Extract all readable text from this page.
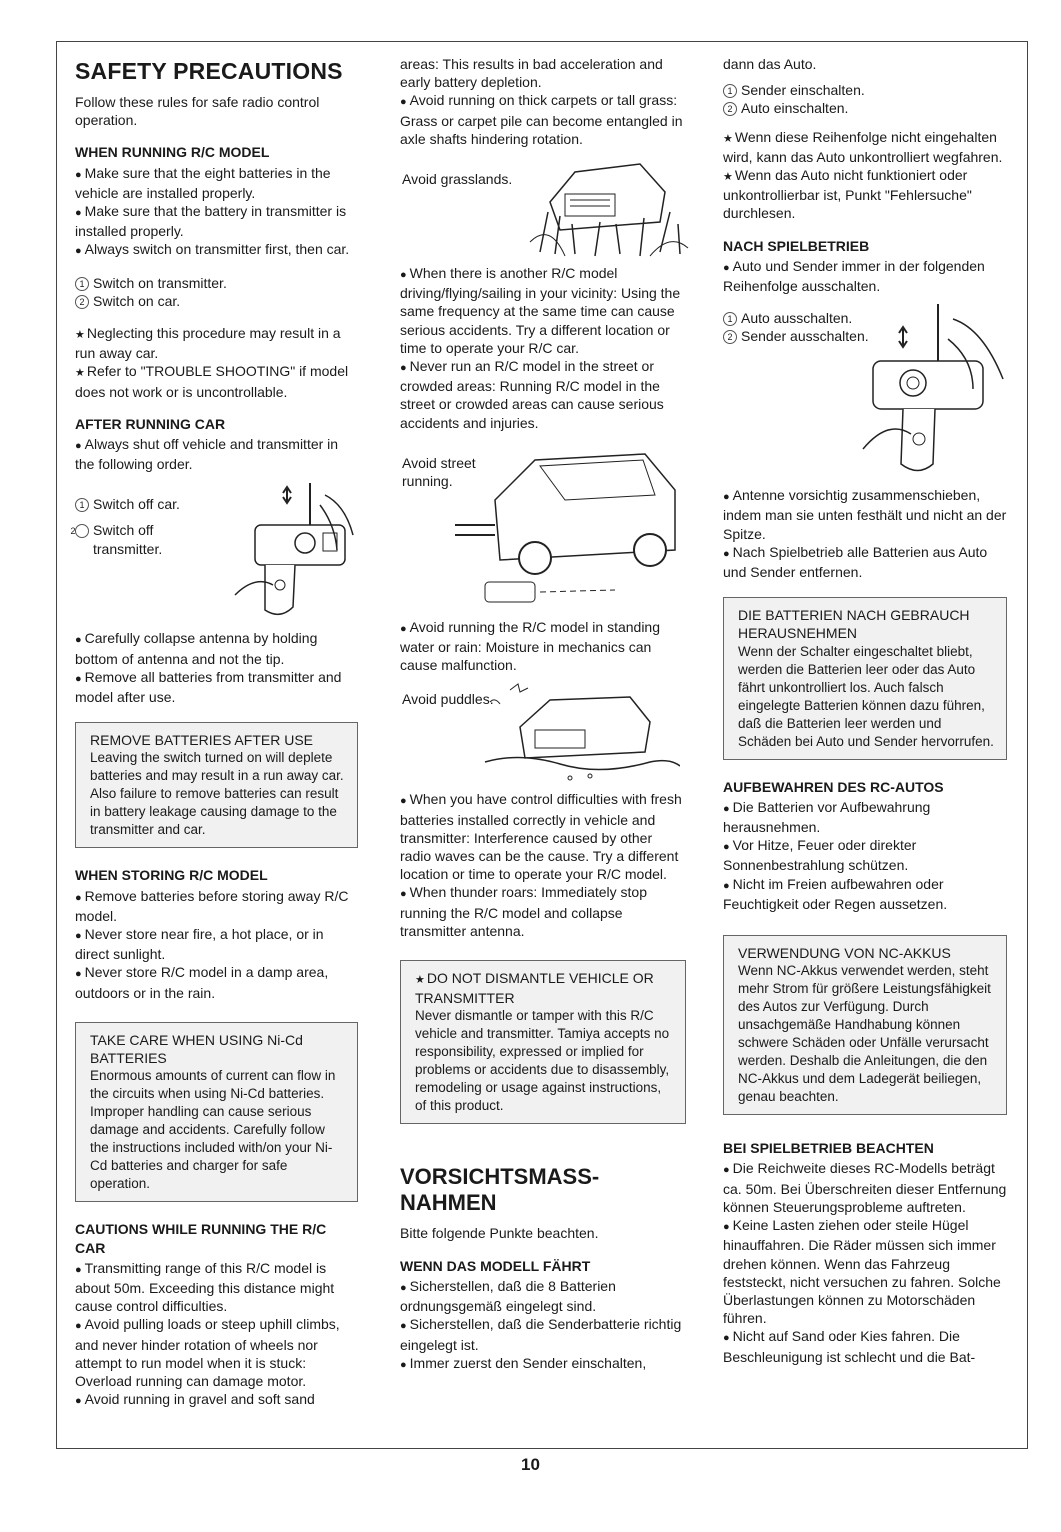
SAFETY PRECAUTIONS

Follow these rules for safe radio control operation.

WHEN RUNNING R/C MODEL

● Make sure that the eight batteries in the vehicle are installed properly.

● Make sure that the battery in transmitter is installed properly.

● Always switch on transmitter first, then car.

1 Switch on transmitter.

2 Switch on car.

★ Neglecting this procedure may result in a run away car.

★ Refer to "TROUBLE SHOOTING" if model does not work or is uncontrollable.

AFTER RUNNING CAR

● Always shut off vehicle and transmitter in the following order.

1 Switch off car.

2 Switch off transmitter.

● Carefully collapse antenna by holding bottom of antenna and not the tip.

● Remove all batteries from transmitter and model after use.

REMOVE BATTERIES AFTER USE
Leaving the switch turned on will deplete batteries and may result in a run away car. Also failure to remove batteries can result in battery leakage causing damage to the transmitter and car.
WHEN STORING R/C MODEL

● Remove batteries before storing away R/C model.

● Never store near fire, a hot place, or in direct sunlight.

● Never store R/C model in a damp area, outdoors or in the rain.

TAKE CARE WHEN USING Ni-Cd BATTERIES
Enormous amounts of current can flow in the circuits when using Ni-Cd batteries. Improper handling can cause serious damage and accidents. Carefully follow the instructions included with/on your Ni-Cd batteries and charger for safe operation.
CAUTIONS WHILE RUNNING THE R/C CAR

● Transmitting range of this R/C model is about 50m. Exceeding this distance might cause control difficulties.

● Avoid pulling loads or steep uphill climbs, and never hinder rotation of wheels nor attempt to run model when it is stuck: Overload running can damage motor.

● Avoid running in gravel and soft sand

areas: This results in bad acceleration and early battery depletion.

● Avoid running on thick carpets or tall grass: Grass or carpet pile can become entangled in axle shafts hindering rotation.

Avoid grasslands.

● When there is another R/C model driving/flying/sailing in your vicinity: Using the same frequency at the same time can cause serious accidents. Try a different location or time to operate your R/C car.

● Never run an R/C model in the street or crowded areas: Running R/C model in the street or crowded areas can cause serious accidents and injuries.

Avoid street running.

● Avoid running the R/C model in standing water or rain: Moisture in mechanics can cause malfunction.

Avoid puddles.

● When you have control difficulties with fresh batteries installed correctly in vehicle and transmitter: Interference caused by other radio waves can be the cause. Try a different location or time to operate your R/C model.

● When thunder roars: Immediately stop running the R/C model and collapse transmitter antenna.

★ DO NOT DISMANTLE VEHICLE OR TRANSMITTER
Never dismantle or tamper with this R/C vehicle and transmitter. Tamiya accepts no responsibility, expressed or implied for problems or accidents due to disassembly, remodeling or usage against instructions, of this product.
VORSICHTSMASS-NAHMEN

Bitte folgende Punkte beachten.

WENN DAS MODELL FÄHRT

● Sicherstellen, daß die 8 Batterien ordnungsgemäß eingelegt sind.

● Sicherstellen, daß die Senderbatterie richtig eingelegt ist.

● Immer zuerst den Sender einschalten,

dann das Auto.

1 Sender einschalten.

2 Auto einschalten.

★ Wenn diese Reihenfolge nicht eingehalten wird, kann das Auto unkontrolliert wegfahren.

★ Wenn das Auto nicht funktioniert oder unkontrollierbar ist, Punkt "Fehlersuche" durchlesen.

NACH SPIELBETRIEB

● Auto und Sender immer in der folgenden Reihenfolge ausschalten.

1 Auto ausschalten.

2 Sender ausschalten.

● Antenne vorsichtig zusammenschieben, indem man sie unten festhält und nicht an der Spitze.

● Nach Spielbetrieb alle Batterien aus Auto und Sender entfernen.

DIE BATTERIEN NACH GEBRAUCH HERAUSNEHMEN
Wenn der Schalter eingeschaltet bliebt, werden die Batterien leer oder das Auto fährt unkontrolliert los. Auch falsch eingelegte Batterien können dazu führen, daß die Batterien leer werden und Schäden bei Auto und Sender hervorrufen.
AUFBEWAHREN DES RC-AUTOS

● Die Batterien vor Aufbewahrung herausnehmen.

● Vor Hitze, Feuer oder direkter Sonnenbestrahlung schützen.

● Nicht im Freien aufbewahren oder Feuchtigkeit oder Regen aussetzen.

VERWENDUNG VON NC-AKKUS
Wenn NC-Akkus verwendet werden, steht mehr Strom für größere Leistungsfähigkeit des Autos zur Verfügung. Durch unsachgemäße Handhabung können schwere Schäden oder Unfälle verursacht werden. Deshalb die Anleitungen, die den NC-Akkus und dem Ladegerät beiliegen, genau beachten.
BEI SPIELBETRIEB BEACHTEN

● Die Reichweite dieses RC-Modells beträgt ca. 50m. Bei Überschreiten dieser Entfernung können Steuerungsprobleme auftreten.

● Keine Lasten ziehen oder steile Hügel hinauffahren. Die Räder müssen sich immer drehen können. Wenn das Fahrzeug feststeckt, nicht versuchen zu fahren. Solche Überlastungen können zu Motorschäden führen.

● Nicht auf Sand oder Kies fahren. Die Beschleunigung ist schlecht und die Bat-

10
